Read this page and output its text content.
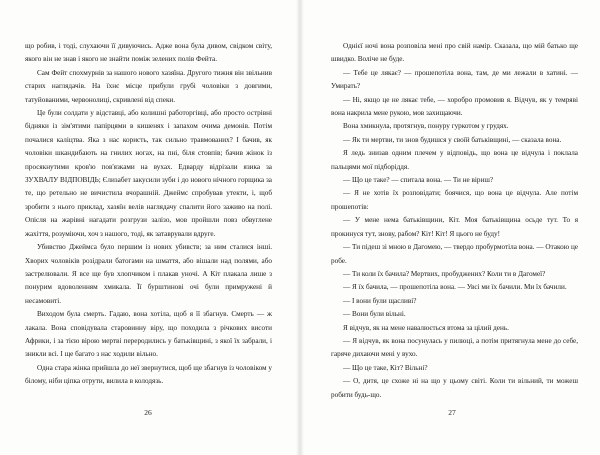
що робив, і тоді, слухаючи її дивуючись. Адже вона була дивом, свідком світу, якого він не знав і якого не знайти поміж зелених полів Фейта.

Сам Фейт спохмурнів за нашого нового хазяїна. Другого тижня він звільнив старих наглядачів. На їхнє місце прибули грубі чоловіки з довгими, татуйованими, червонолиці, скривлені від спеки.

Це були солдати у відставці, або колишні работоргівці, або просто острівні бідняки із зім'ятими папірцями в кишенях і запахом очима демонів. Потім почалися каліцтва. Яка з нас користь, так сильно травмованих? І бачив, як чоловіки шкандибають на гнилих ногах, на пні, біля стовпів; бачив жінок із просякнутими кров'ю пов'язками на вухах. Едварду відрізали язика за ЗУХВАЛУ ВІДПОВІДЬ; Єлизабет закусили зуби і до нового нічного горщика за те, що ретельно не вичистила вчорашній. Джеймс спробував утекти, і, щоб зробити з нього приклад, хазяїн велів наглядачу спалити його заживо на полі. Опісля на жарівні нагадати розгрузи залізо, мов пройшли повз обвуглене жахіття, розуміючи, хоч з нашого, тоді, як затаврували вдруге.

Убивство Джеймса було першим із нових убивств; за ним сталися інші. Хворих чоловіків розідрали батогами на шмаття, або вішали над полями, або застрелювали. Я все ще був хлопчиком і плакав уночі. А Кіт плакала лише з понурим вдоволенням хмикала. Її бурштинові очі були примружені й несамовиті.

Виходом була смерть. Гадаю, вона хотіла, щоб я її збагнув. Смерть — ж лакала. Вона сповідувала старовинну віру, що походила з річкових висоти Африки, і за тією вірою мертві переродились у батьківщині, з якої їх забрали, і зникли всі. І ще багато з нас ходили вільно.

Одна стара жінка прийшла до неї звернутися, щоб ще збагнув із чоловіком у білому, ніби ціпка отрути, вилила в колодязь.

26

Однієї ночі вона розповіла мені про свій намір. Сказала, що мій батько ще швидко. Воліче не буде.

— Тебе це лякає? — прошепотіла вона, там, де ми лежали в хатині. — Умирать?

— Ні, якщо це не лякає тебе, — хоробро промовив я. Відчув, як у темряві вона накрила мене рукою, мов захищаючи.

Вона хмикнула, протягнув, понуру гуркотом у грудях.

— Як ти мертви, ти знов будишся у своїй батьківщині, — сказала вона.

Я ледь знизав одним плечем у відповідь, що вона це відчула і поклала пальцями мої підборіддя.

— Що це таке? — спитала вона. — Ти не віриш?

— Я не хотів їх розповідати; боячися, що вона це відчула. Але потім прошепотів:

— У мене нема батьківщини, Кіт. Моя батьківщина осьде тут. То я прокинуся тут, знову, рабом? Кіт! Кіт! Я цього не буду!

— Ти підеш зі мною в Дагомею, — твердо пробурмотіла вона. — Отакою це робе.

— Ти коли їх бачила? Мертвих, пробуджених? Коли ти в Дагомеї?

— Я їх бачила, — прошепотіла вона. — Увсі ми їх бачили. Ми їх бачили.

— І вони були щасливі?

— Вони були вільні.

Я відчув, як на мене навалюється втома за цілий день.

— Я відчув, як вона посунулась у пилюці, а потім притягнула мене до себе, гаряче дихаючи мені у вухо.

— Що це таке, Кіт? Вільні?

— О, дитя, це схоже ні на що у цьому світі. Коли ти вільний, ти можеш робити будь-що.

27
